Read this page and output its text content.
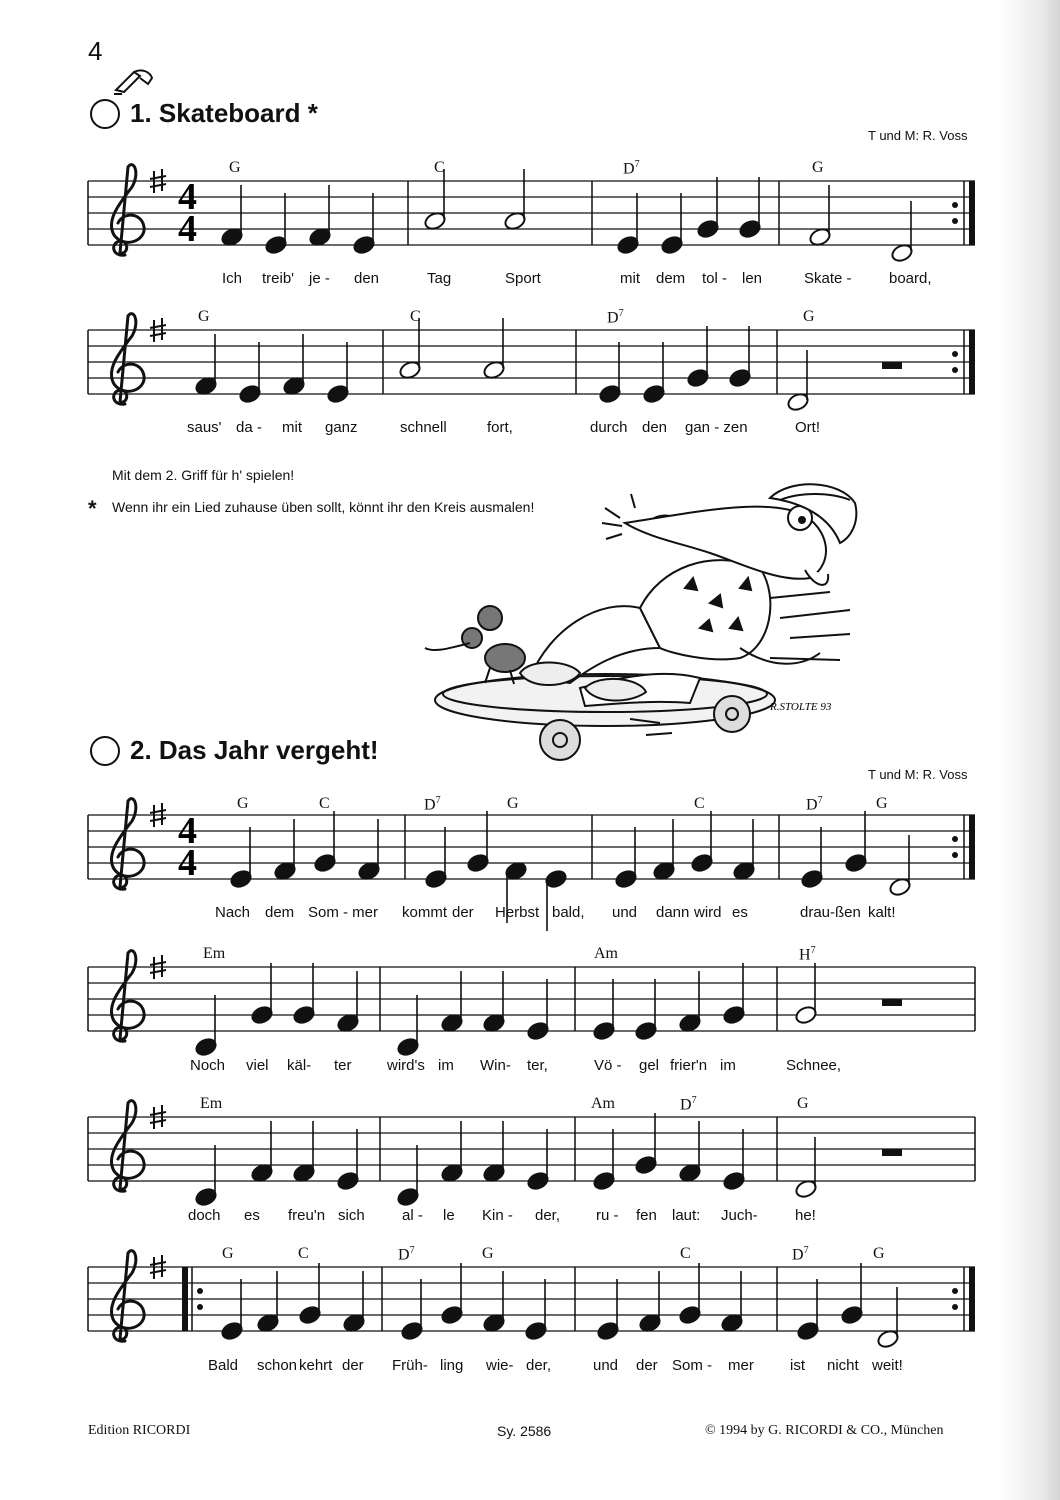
4
1. Skateboard *
T und M: R. Voss
2. Das Jahr vergeht!
T und M: R. Voss
Mit dem 2. Griff für h' spielen!
* Wenn ihr ein Lied zuhause üben sollt, könnt ihr den Kreis ausmalen!
R.STOLTE 93
4
4
4
4
G	C	$D^7$	G
G	C	$D^7$	G
G	C	$D^7$	G	C	$D^7$	G
Em	Am	$H^7$
Em	Am	$D^7$	G
G	C	$D^7$	G	C	$D^7$	G
Ich treib' je - den	Tag	Sport	mit dem tol - len	Skate - board,
saus' da - mit ganz	schnell	fort,	durch den gan - zen	Ort!
Nach dem Som - mer kommt der Herbst bald, und dann wird es	drau-ßen kalt!
Noch viel käl- ter wird's im Win- ter,	Vö - gel frier'n im	Schnee,
doch es freu'n sich al - le Kin - der, ru - fen laut: Juch- he!
Bald schon kehrt der Früh- ling wie- der,	und der Som - mer ist nicht weit!
Edition RICORDI	Sy. 2586	© 1994 by G. RICORDI & CO., München
